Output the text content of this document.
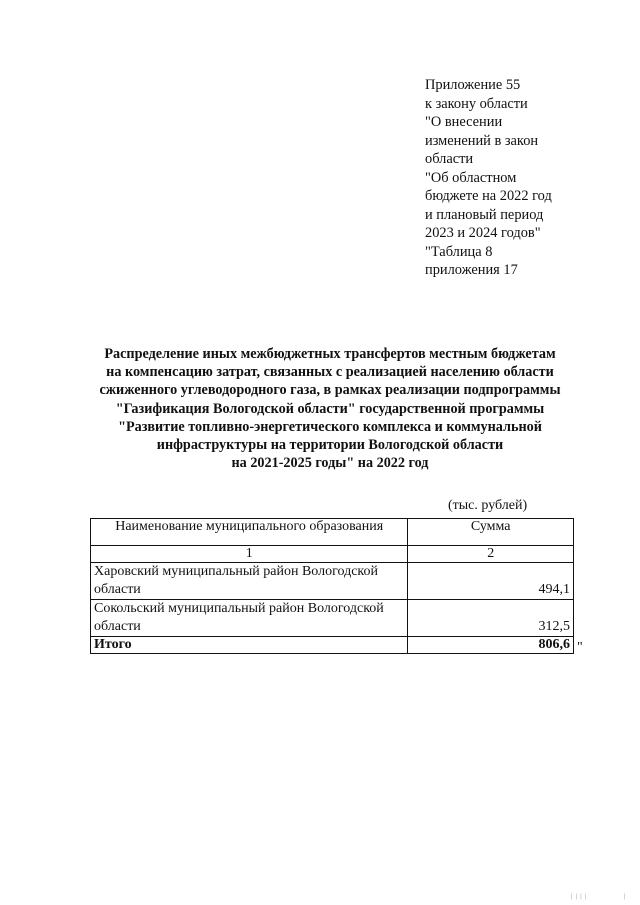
Приложение 55
к закону области
"О внесении
изменений в закон
области
"Об областном
бюджете на 2022 год
и плановый период
2023 и 2024 годов"
"Таблица 8
приложения 17
Распределение иных межбюджетных трансфертов местным бюджетам
на компенсацию затрат, связанных с реализацией населению области
сжиженного углеводородного газа, в рамках реализации подпрограммы
"Газификация Вологодской области" государственной программы
"Развитие топливно-энергетического комплекса и коммунальной
инфраструктуры на территории Вологодской области
на 2021-2025 годы" на 2022 год
(тыс. рублей)
Наименование муниципального образования	Сумма
1	2
Харовский муниципальный район Вологодской области	494,1
Сокольский муниципальный район Вологодской области	312,5
Итого	806,6 "
| | | |	|
